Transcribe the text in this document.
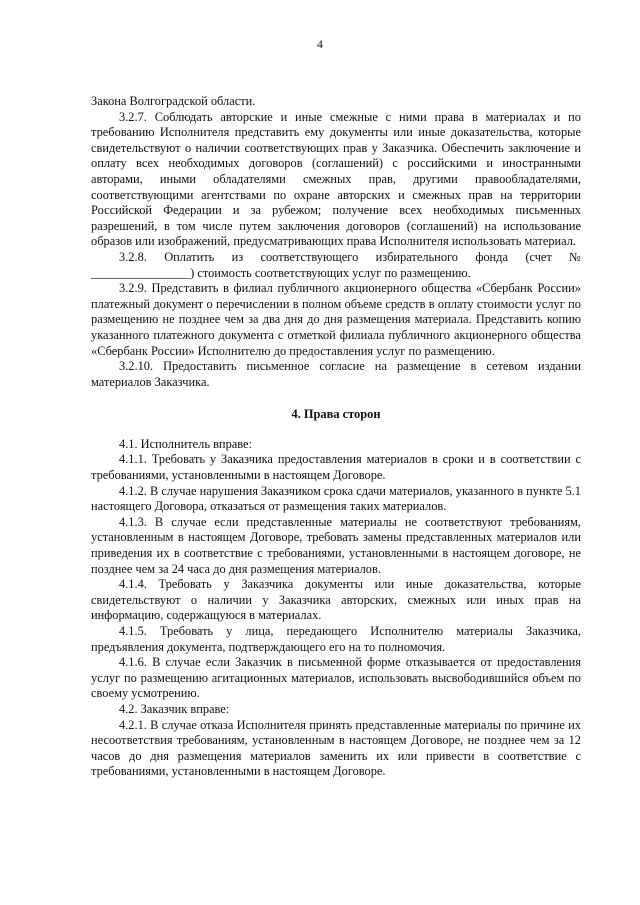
4

Закона Волгоградской области.

3.2.7. Соблюдать авторские и иные смежные с ними права в материалах и по требованию Исполнителя представить ему документы или иные доказательства, которые свидетельствуют о наличии соответствующих прав у Заказчика. Обеспечить заключение и оплату всех необходимых договоров (соглашений) с российскими и иностранными авторами, иными обладателями смежных прав, другими правообладателями, соответствующими агентствами по охране авторских и смежных прав на территории Российской Федерации и за рубежом; получение всех необходимых письменных разрешений, в том числе путем заключения договоров (соглашений) на использование образов или изображений, предусматривающих права Исполнителя использовать материал.

3.2.8. Оплатить из соответствующего избирательного фонда (счет № ________________) стоимость соответствующих услуг по размещению.

3.2.9. Представить в филиал публичного акционерного общества «Сбербанк России» платежный документ о перечислении в полном объеме средств в оплату стоимости услуг по размещению не позднее чем за два дня до дня размещения материала. Представить копию указанного платежного документа с отметкой филиала публичного акционерного общества «Сбербанк России» Исполнителю до предоставления услуг по размещению.

3.2.10. Предоставить письменное согласие на размещение в сетевом издании материалов Заказчика.

4. Права сторон

4.1. Исполнитель вправе:

4.1.1. Требовать у Заказчика предоставления материалов в сроки и в соответствии с требованиями, установленными в настоящем Договоре.

4.1.2. В случае нарушения Заказчиком срока сдачи материалов, указанного в пункте 5.1 настоящего Договора, отказаться от размещения таких материалов.

4.1.3. В случае если представленные материалы не соответствуют требованиям, установленным в настоящем Договоре, требовать замены представленных материалов или приведения их в соответствие с требованиями, установленными в настоящем договоре, не позднее чем за 24 часа до дня размещения материалов.

4.1.4. Требовать у Заказчика документы или иные доказательства, которые свидетельствуют о наличии у Заказчика авторских, смежных или иных прав на информацию, содержащуюся в материалах.

4.1.5. Требовать у лица, передающего Исполнителю материалы Заказчика, предъявления документа, подтверждающего его на то полномочия.

4.1.6. В случае если Заказчик в письменной форме отказывается от предоставления услуг по размещению агитационных материалов, использовать высвободившийся объем по своему усмотрению.

4.2. Заказчик вправе:

4.2.1. В случае отказа Исполнителя принять представленные материалы по причине их несоответствия требованиям, установленным в настоящем Договоре, не позднее чем за 12 часов до дня размещения материалов заменить их или привести в соответствие с требованиями, установленными в настоящем Договоре.
